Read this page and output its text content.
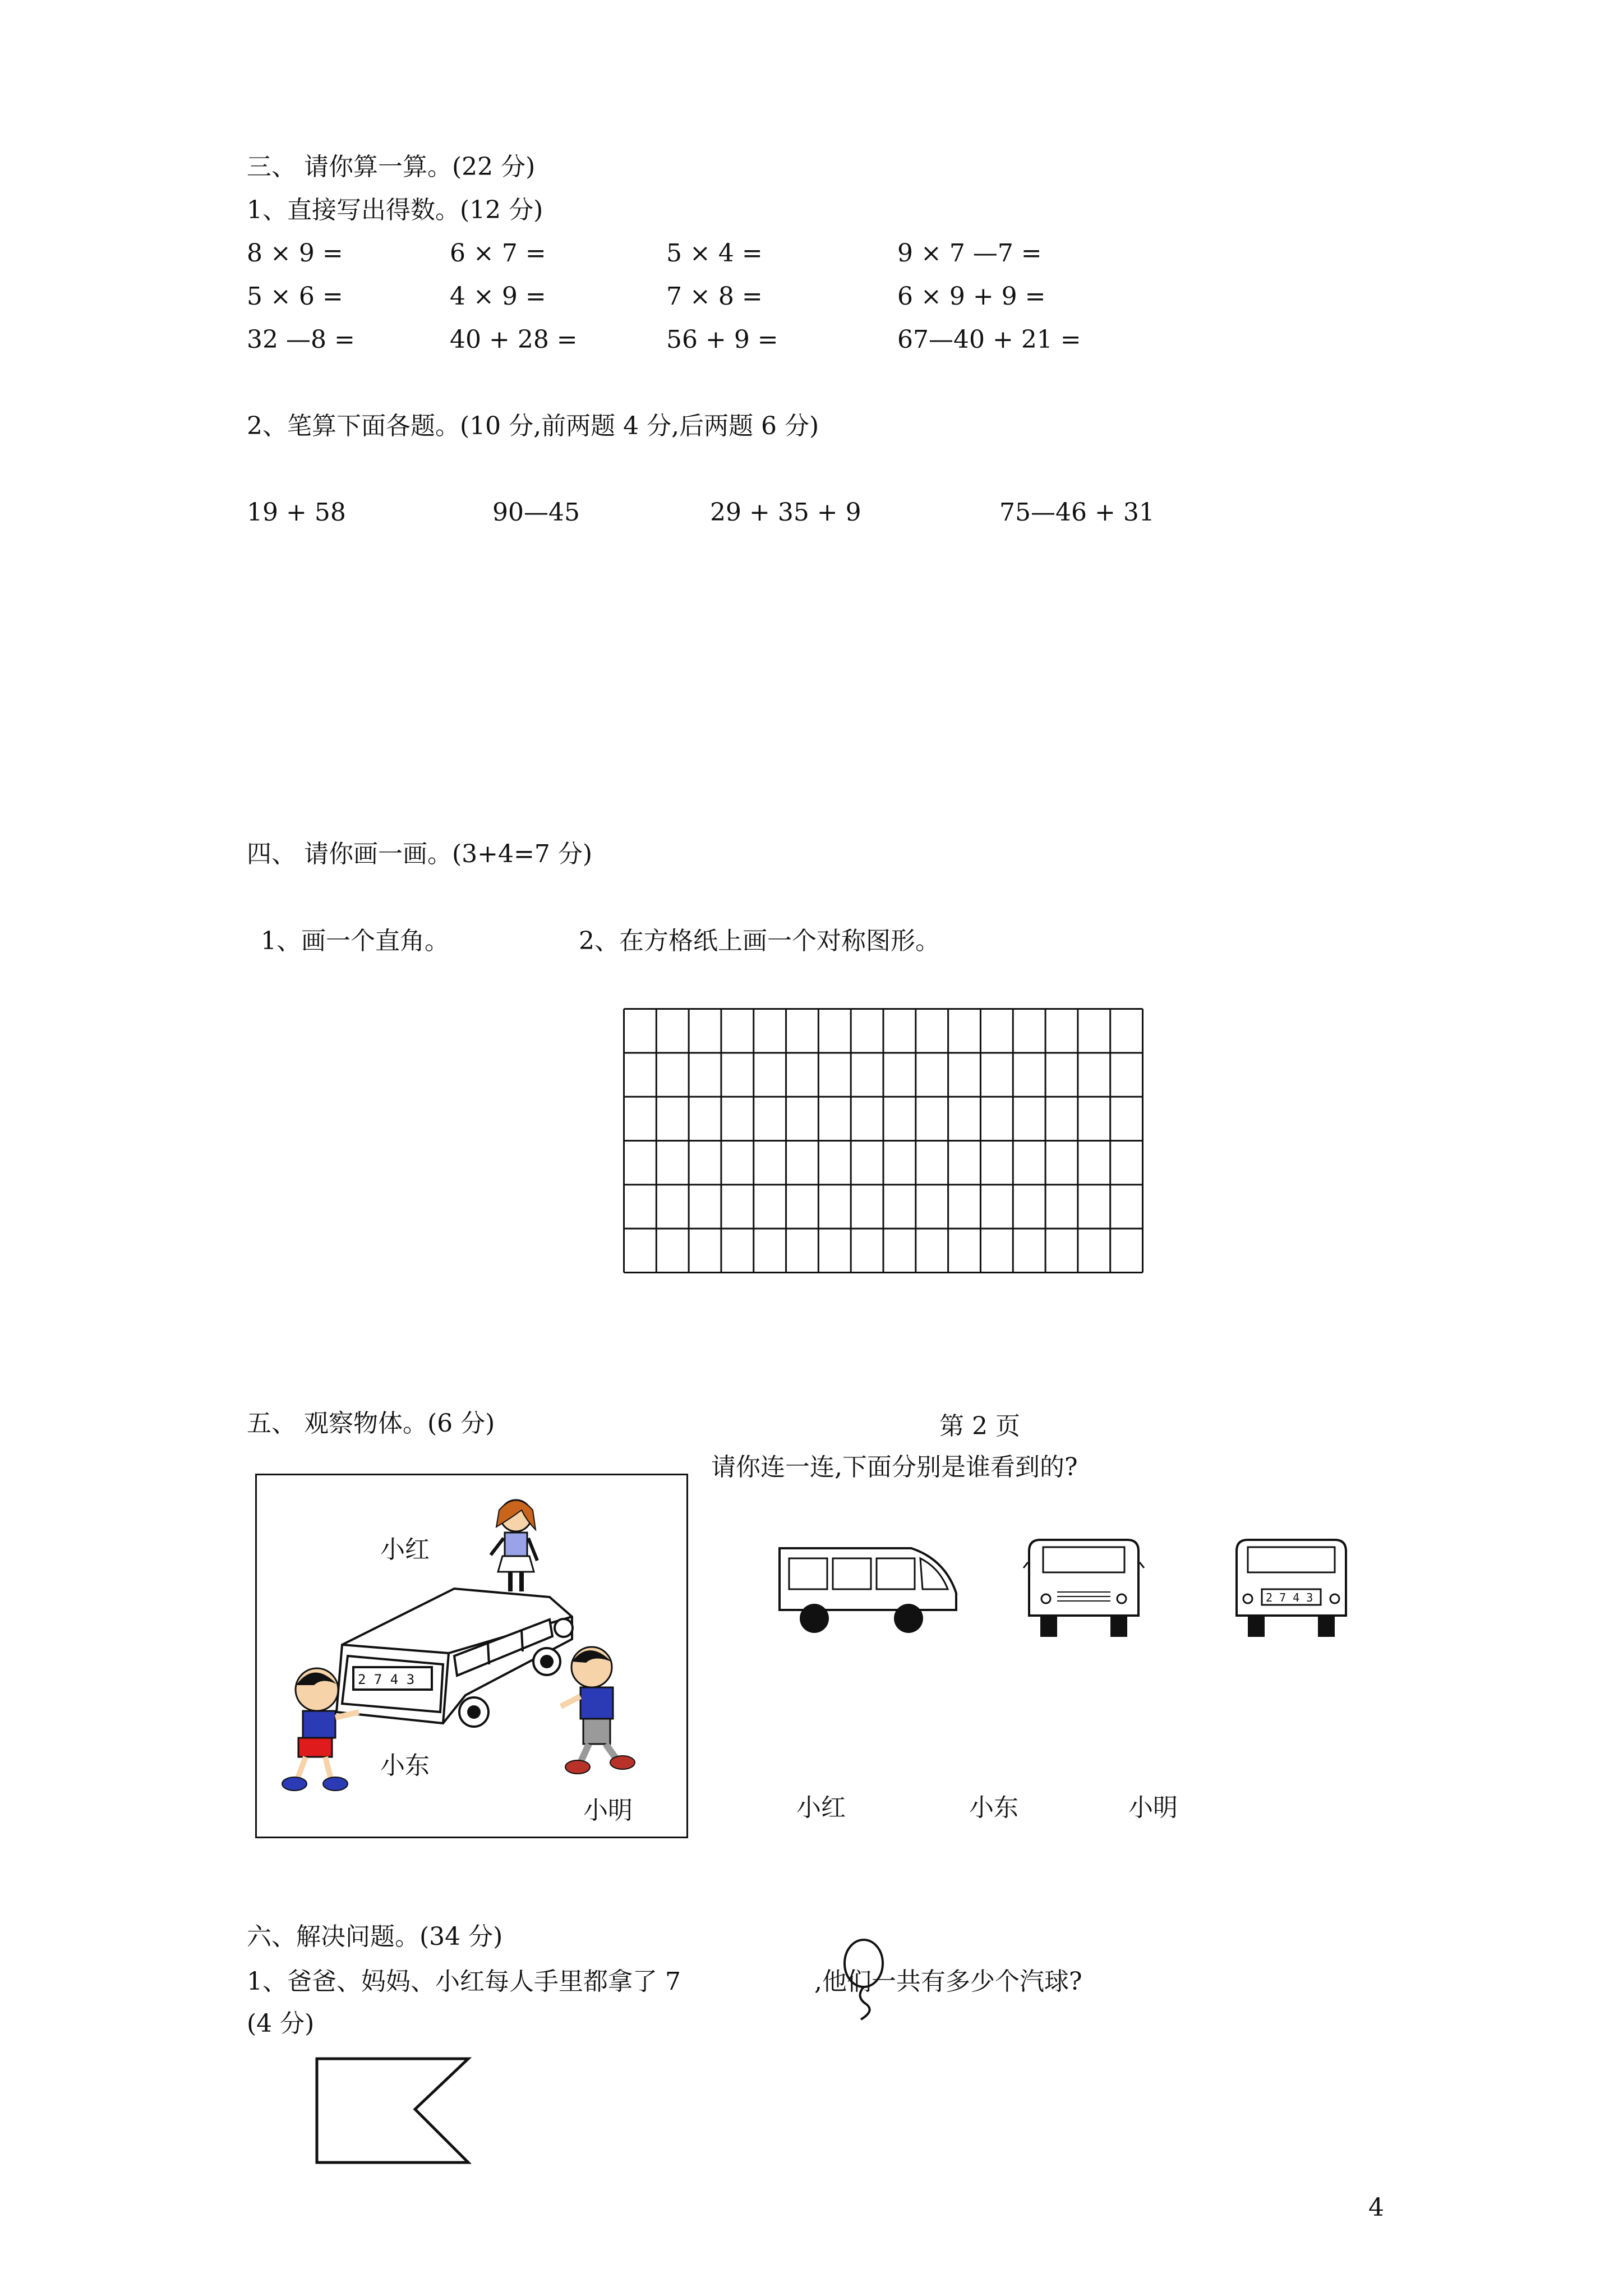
三、 请你算一算。(22 分)
1、直接写出得数。(12 分)
8 × 9 =	6 × 7 =	5 × 4 =	9 × 7 —7 =
5 × 6 =	4 × 9 =	7 × 8 =	6 × 9 + 9 =
32 —8 =	40 + 28 =	56 + 9 =	67—40 + 21 =
2、笔算下面各题。(10 分,前两题 4 分,后两题 6 分)
19 + 58	90—45	29 + 35 + 9	75—46 + 31
四、 请你画一画。(3+4=7 分)
1、画一个直角。	2、在方格纸上画一个对称图形。
五、 观察物体。(6 分)	第 2 页
请你连一连,下面分别是谁看到的?
2 7 4 3
小红
小东
小明
2 7 4 3
小红	小东	小明
六、解决问题。(34 分)
1、爸爸、妈妈、小红每人手里都拿了 7	,他们一共有多少个汽球?
(4 分)
4
